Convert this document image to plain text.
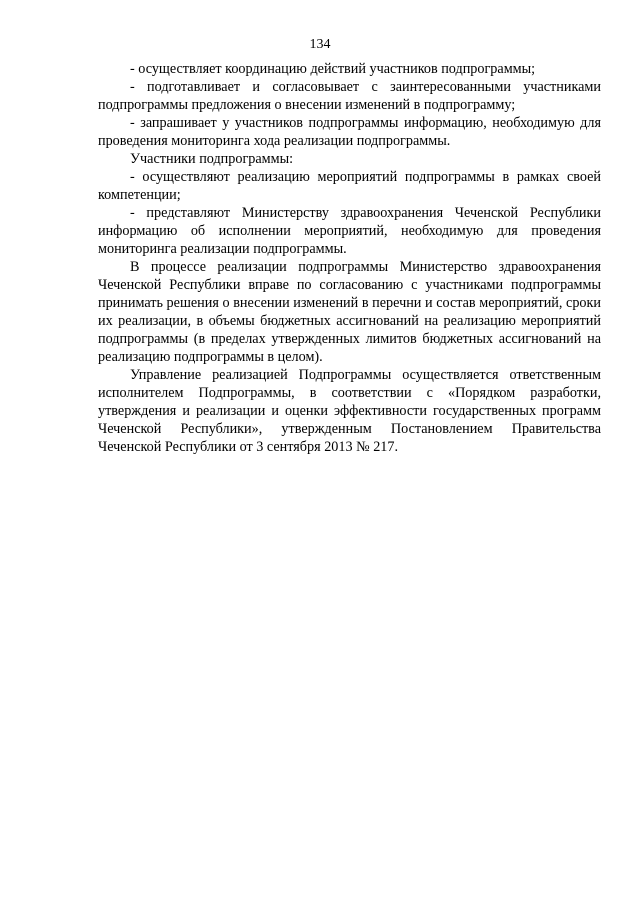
134

- осуществляет координацию действий участников подпрограммы;

- подготавливает и согласовывает с заинтересованными участниками подпрограммы предложения о внесении изменений в подпрограмму;

- запрашивает у участников подпрограммы информацию, необходимую для проведения мониторинга хода реализации подпрограммы.

Участники подпрограммы:

- осуществляют реализацию мероприятий подпрограммы в рамках своей компетенции;

- представляют Министерству здравоохранения Чеченской Республики информацию об исполнении мероприятий, необходимую для проведения мониторинга реализации подпрограммы.

В процессе реализации подпрограммы Министерство здравоохранения Чеченской Республики вправе по согласованию с участниками подпрограммы принимать решения о внесении изменений в перечни и состав мероприятий, сроки их реализации, в объемы бюджетных ассигнований на реализацию мероприятий подпрограммы (в пределах утвержденных лимитов бюджетных ассигнований на реализацию подпрограммы в целом).

Управление реализацией Подпрограммы осуществляется ответственным исполнителем Подпрограммы, в соответствии с «Порядком разработки, утверждения и реализации и оценки эффективности государственных программ Чеченской Республики», утвержденным Постановлением Правительства Чеченской Республики от 3 сентября 2013 № 217.
